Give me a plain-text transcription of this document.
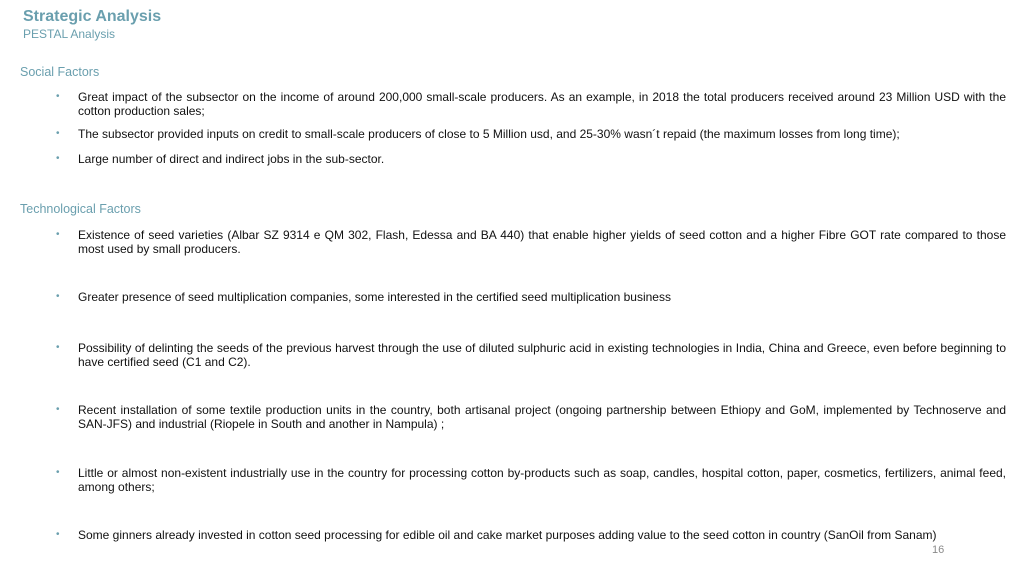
Strategic Analysis
PESTAL Analysis
Social Factors
• Great impact of the subsector on the income of around 200,000 small-scale producers. As an example, in 2018 the total producers received around 23 Million USD with the cotton production sales;
• The subsector provided inputs on credit to small-scale producers of close to 5 Million usd, and 25-30% wasn´t repaid (the maximum losses from long time);
• Large number of direct and indirect jobs in the sub-sector.
Technological Factors
• Existence of seed varieties (Albar SZ 9314 e QM 302, Flash, Edessa and BA 440) that enable higher yields of seed cotton and a higher Fibre GOT rate compared to those most used by small producers.
• Greater presence of seed multiplication companies, some interested in the certified seed multiplication business
• Possibility of delinting the seeds of the previous harvest through the use of diluted sulphuric acid in existing technologies in India, China and Greece, even before beginning to have certified seed (C1 and C2).
• Recent installation of some textile production units in the country, both artisanal project (ongoing partnership between Ethiopy and GoM, implemented by Technoserve and SAN-JFS) and industrial (Riopele in South and another in Nampula) ;
• Little or almost non-existent industrially use in the country for processing cotton by-products such as soap, candles, hospital cotton, paper, cosmetics, fertilizers, animal feed, among others;
• Some ginners already invested in cotton seed processing for edible oil and cake market purposes adding value to the seed cotton in country (SanOil from Sanam)
16
